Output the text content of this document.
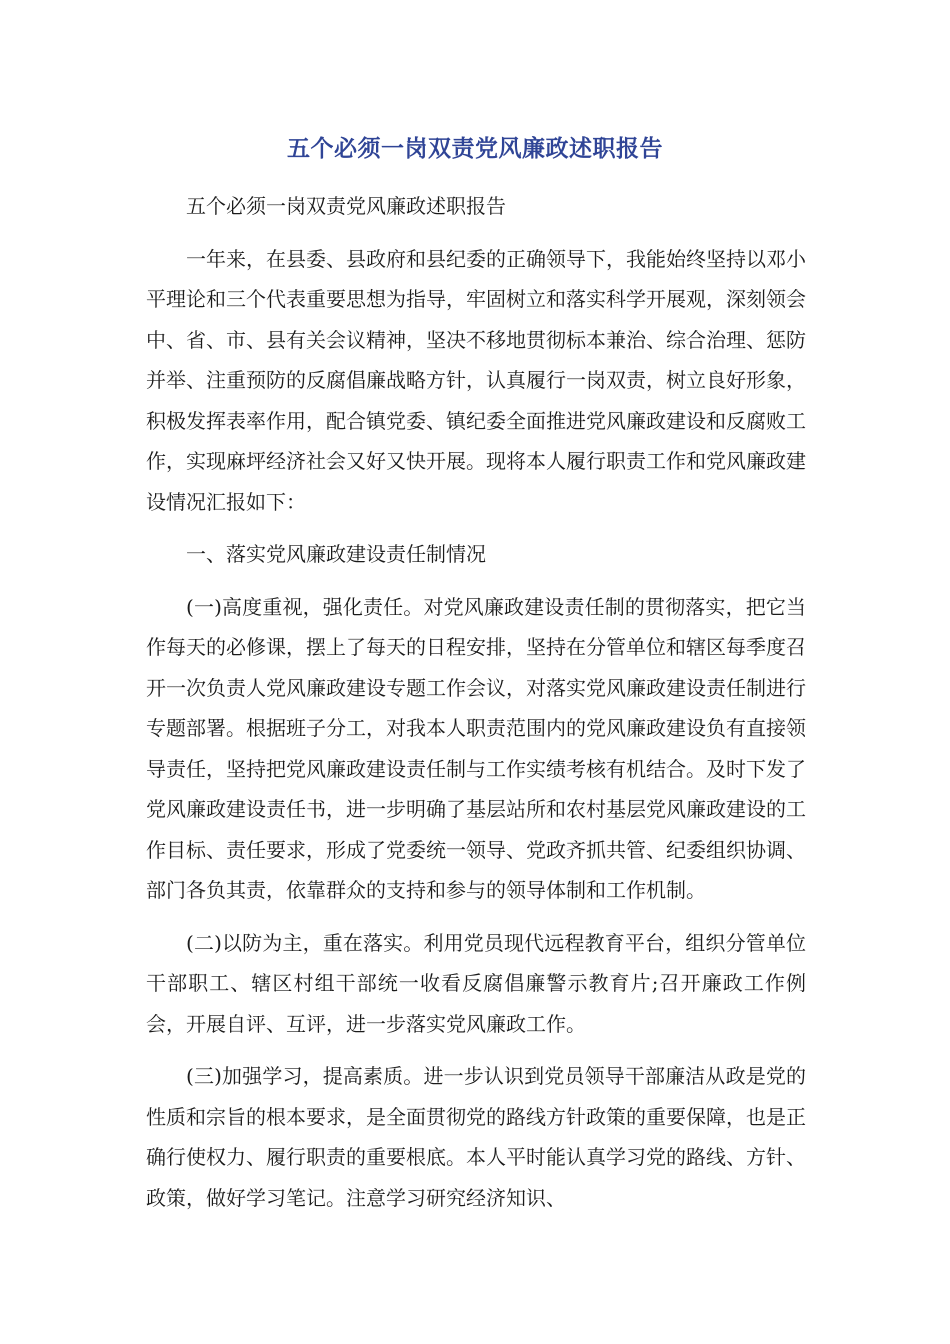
五个必须一岗双责党风廉政述职报告

五个必须一岗双责党风廉政述职报告

一年来，在县委、县政府和县纪委的正确领导下，我能始终坚持以邓小平理论和三个代表重要思想为指导，牢固树立和落实科学开展观，深刻领会中、省、市、县有关会议精神，坚决不移地贯彻标本兼治、综合治理、惩防并举、注重预防的反腐倡廉战略方针，认真履行一岗双责，树立良好形象，积极发挥表率作用，配合镇党委、镇纪委全面推进党风廉政建设和反腐败工作，实现麻坪经济社会又好又快开展。现将本人履行职责工作和党风廉政建设情况汇报如下：

一、落实党风廉政建设责任制情况

(一)高度重视，强化责任。对党风廉政建设责任制的贯彻落实，把它当作每天的必修课，摆上了每天的日程安排，坚持在分管单位和辖区每季度召开一次负责人党风廉政建设专题工作会议，对落实党风廉政建设责任制进行专题部署。根据班子分工，对我本人职责范围内的党风廉政建设负有直接领导责任，坚持把党风廉政建设责任制与工作实绩考核有机结合。及时下发了党风廉政建设责任书，进一步明确了基层站所和农村基层党风廉政建设的工作目标、责任要求，形成了党委统一领导、党政齐抓共管、纪委组织协调、部门各负其责，依靠群众的支持和参与的领导体制和工作机制。

(二)以防为主，重在落实。利用党员现代远程教育平台，组织分管单位干部职工、辖区村组干部统一收看反腐倡廉警示教育片;召开廉政工作例会，开展自评、互评，进一步落实党风廉政工作。

(三)加强学习，提高素质。进一步认识到党员领导干部廉洁从政是党的性质和宗旨的根本要求，是全面贯彻党的路线方针政策的重要保障，也是正确行使权力、履行职责的重要根底。本人平时能认真学习党的路线、方针、政策，做好学习笔记。注意学习研究经济知识、
